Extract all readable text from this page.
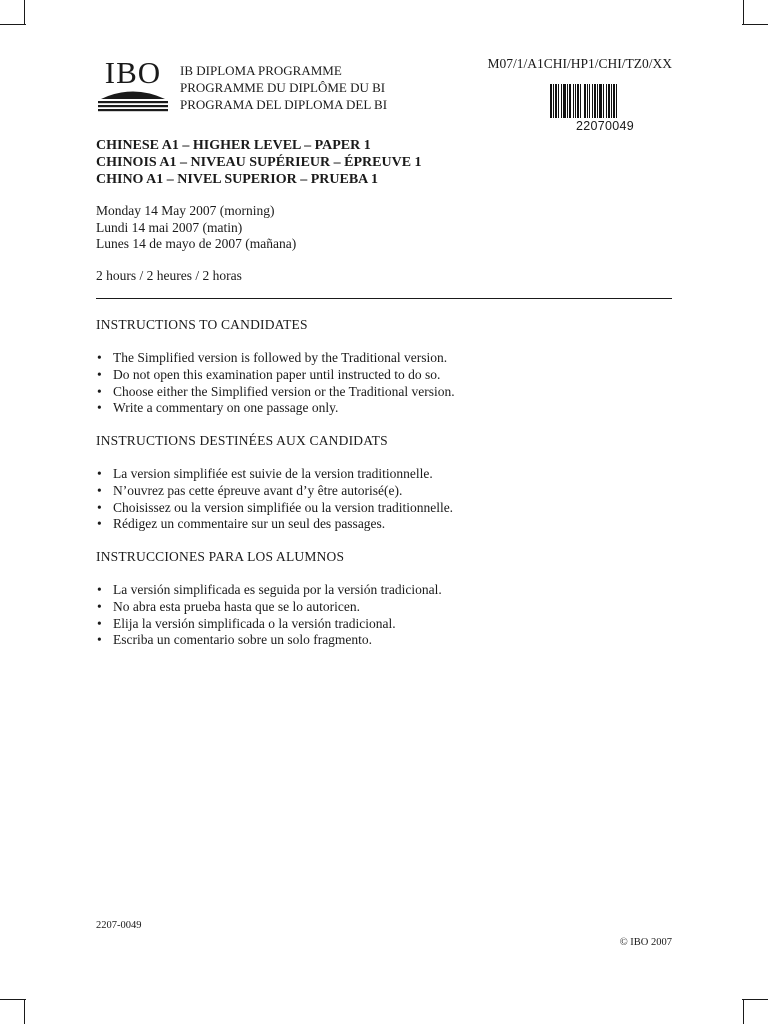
IBO	IB DIPLOMA PROGRAMME
PROGRAMME DU DIPLÔME DU BI
PROGRAMA DEL DIPLOMA DEL BI
M07/1/A1CHI/HP1/CHI/TZ0/XX
22070049
CHINESE A1 – HIGHER LEVEL – PAPER 1
CHINOIS A1 – NIVEAU SUPÉRIEUR – ÉPREUVE 1
CHINO A1 – NIVEL SUPERIOR – PRUEBA 1
Monday 14 May 2007 (morning)
Lundi 14 mai 2007 (matin)
Lunes 14 de mayo de 2007 (mañana)
2 hours / 2 heures / 2 horas
INSTRUCTIONS TO CANDIDATES
• The Simplified version is followed by the Traditional version.
• Do not open this examination paper until instructed to do so.
• Choose either the Simplified version or the Traditional version.
• Write a commentary on one passage only.
INSTRUCTIONS DESTINÉES AUX CANDIDATS
• La version simplifiée est suivie de la version traditionnelle.
• N’ouvrez pas cette épreuve avant d’y être autorisé(e).
• Choisissez ou la version simplifiée ou la version traditionnelle.
• Rédigez un commentaire sur un seul des passages.
INSTRUCCIONES PARA LOS ALUMNOS
• La versión simplificada es seguida por la versión tradicional.
• No abra esta prueba hasta que se lo autoricen.
• Elija la versión simplificada o la versión tradicional.
• Escriba un comentario sobre un solo fragmento.
2207-0049
© IBO 2007
